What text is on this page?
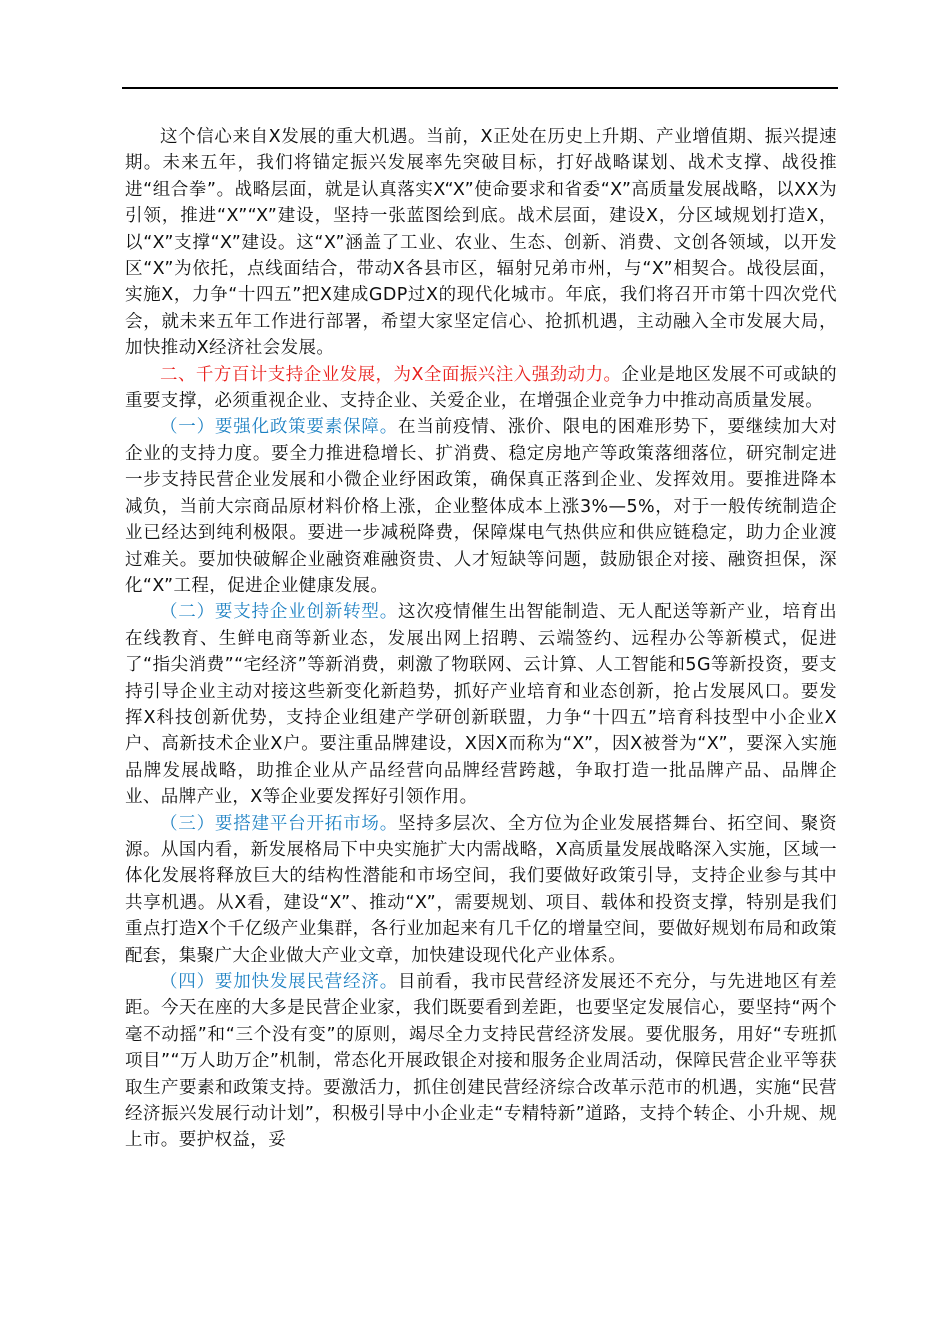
这个信心来自X发展的重大机遇。当前，X正处在历史上升期、产业增值期、振兴提速期。未来五年，我们将锚定振兴发展率先突破目标，打好战略谋划、战术支撑、战役推进“组合拳”。战略层面，就是认真落实X“X”使命要求和省委“X”高质量发展战略，以XX为引领，推进“X”“X”建设，坚持一张蓝图绘到底。战术层面，建设X，分区域规划打造X，以“X”支撑“X”建设。这“X”涵盖了工业、农业、生态、创新、消费、文创各领域，以开发区“X”为依托，点线面结合，带动X各县市区，辐射兄弟市州，与“X”相契合。战役层面，实施X，力争“十四五”把X建成GDP过X的现代化城市。年底，我们将召开市第十四次党代会，就未来五年工作进行部署，希望大家坚定信心、抢抓机遇，主动融入全市发展大局，加快推动X经济社会发展。

二、千方百计支持企业发展，为X全面振兴注入强劲动力。企业是地区发展不可或缺的重要支撑，必须重视企业、支持企业、关爱企业，在增强企业竞争力中推动高质量发展。

（一）要强化政策要素保障。在当前疫情、涨价、限电的困难形势下，要继续加大对企业的支持力度。要全力推进稳增长、扩消费、稳定房地产等政策落细落位，研究制定进一步支持民营企业发展和小微企业纾困政策，确保真正落到企业、发挥效用。要推进降本减负，当前大宗商品原材料价格上涨，企业整体成本上涨3%—5%，对于一般传统制造企业已经达到纯利极限。要进一步减税降费，保障煤电气热供应和供应链稳定，助力企业渡过难关。要加快破解企业融资难融资贵、人才短缺等问题，鼓励银企对接、融资担保，深化“X”工程，促进企业健康发展。

（二）要支持企业创新转型。这次疫情催生出智能制造、无人配送等新产业，培育出在线教育、生鲜电商等新业态，发展出网上招聘、云端签约、远程办公等新模式，促进了“指尖消费”“宅经济”等新消费，刺激了物联网、云计算、人工智能和5G等新投资，要支持引导企业主动对接这些新变化新趋势，抓好产业培育和业态创新，抢占发展风口。要发挥X科技创新优势，支持企业组建产学研创新联盟，力争“十四五”培育科技型中小企业X户、高新技术企业X户。要注重品牌建设，X因X而称为“X”，因X被誉为“X”，要深入实施品牌发展战略，助推企业从产品经营向品牌经营跨越，争取打造一批品牌产品、品牌企业、品牌产业，X等企业要发挥好引领作用。

（三）要搭建平台开拓市场。坚持多层次、全方位为企业发展搭舞台、拓空间、聚资源。从国内看，新发展格局下中央实施扩大内需战略，X高质量发展战略深入实施，区域一体化发展将释放巨大的结构性潜能和市场空间，我们要做好政策引导，支持企业参与其中共享机遇。从X看，建设“X”、推动“X”，需要规划、项目、载体和投资支撑，特别是我们重点打造X个千亿级产业集群，各行业加起来有几千亿的增量空间，要做好规划布局和政策配套，集聚广大企业做大产业文章，加快建设现代化产业体系。

（四）要加快发展民营经济。目前看，我市民营经济发展还不充分，与先进地区有差距。今天在座的大多是民营企业家，我们既要看到差距，也要坚定发展信心，要坚持“两个毫不动摇”和“三个没有变”的原则，竭尽全力支持民营经济发展。要优服务，用好“专班抓项目”“万人助万企”机制，常态化开展政银企对接和服务企业周活动，保障民营企业平等获取生产要素和政策支持。要激活力，抓住创建民营经济综合改革示范市的机遇，实施“民营经济振兴发展行动计划”，积极引导中小企业走“专精特新”道路，支持个转企、小升规、规上市。要护权益，妥
